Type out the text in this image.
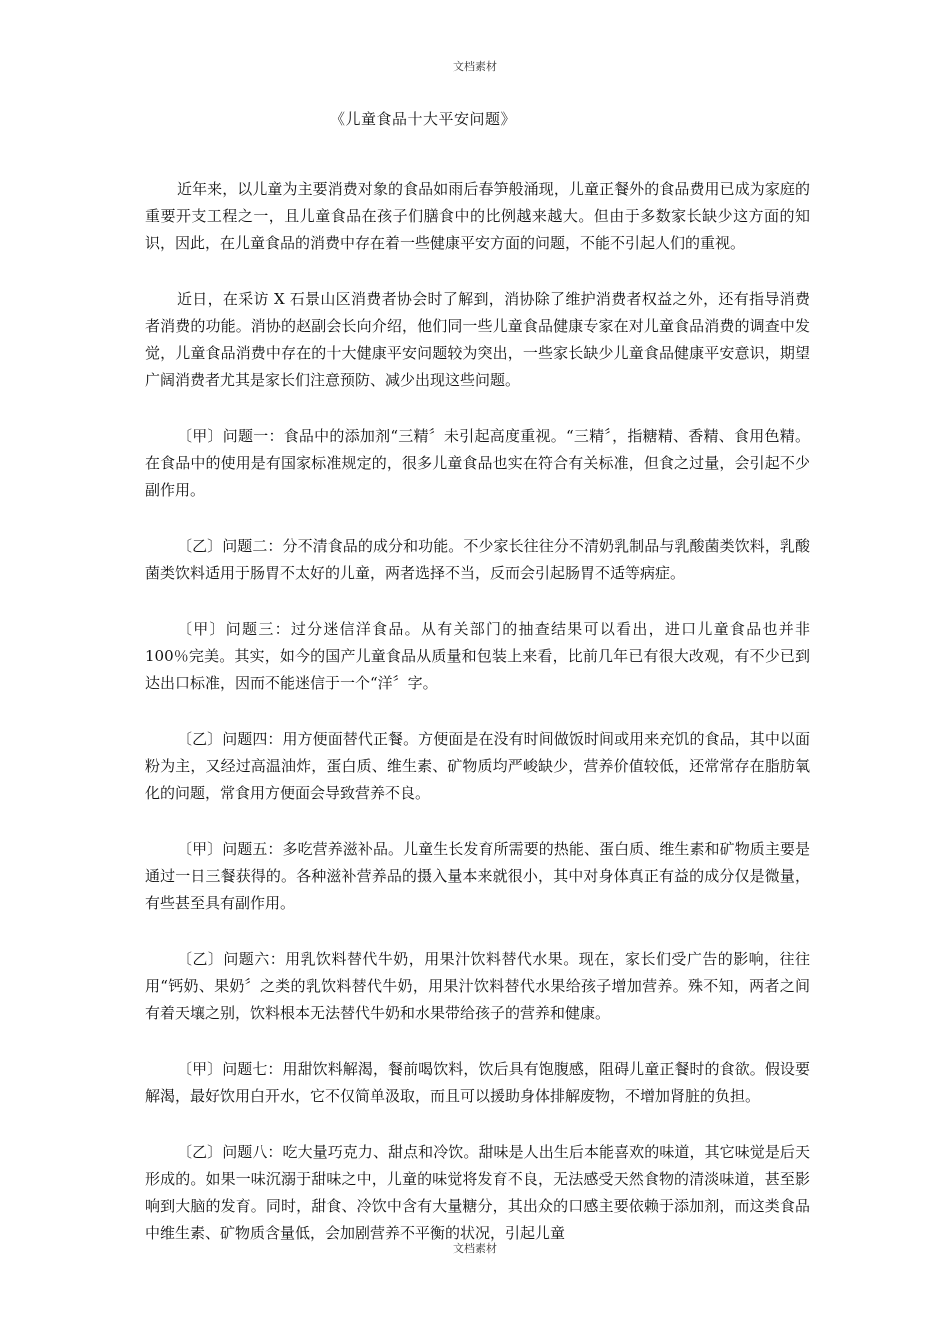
文档素材
《儿童食品十大平安问题》

近年来，以儿童为主要消费对象的食品如雨后春笋般涌现，儿童正餐外的食品费用已成为家庭的重要开支工程之一，且儿童食品在孩子们膳食中的比例越来越大。但由于多数家长缺少这方面的知识，因此，在儿童食品的消费中存在着一些健康平安方面的问题，不能不引起人们的重视。

近日，在采访 X 石景山区消费者协会时了解到，消协除了维护消费者权益之外，还有指导消费者消费的功能。消协的赵副会长向介绍，他们同一些儿童食品健康专家在对儿童食品消费的调查中发觉，儿童食品消费中存在的十大健康平安问题较为突出，一些家长缺少儿童食品健康平安意识，期望广阔消费者尤其是家长们注意预防、减少出现这些问题。

〔甲〕问题一：食品中的添加剂“三精〞未引起高度重视。“三精〞，指糖精、香精、食用色精。在食品中的使用是有国家标准规定的，很多儿童食品也实在符合有关标准，但食之过量，会引起不少副作用。

〔乙〕问题二：分不清食品的成分和功能。不少家长往往分不清奶乳制品与乳酸菌类饮料，乳酸菌类饮料适用于肠胃不太好的儿童，两者选择不当，反而会引起肠胃不适等病症。

〔甲〕问题三：过分迷信洋食品。从有关部门的抽查结果可以看出，进口儿童食品也并非 100％完美。其实，如今的国产儿童食品从质量和包装上来看，比前几年已有很大改观，有不少已到达出口标准，因而不能迷信于一个“洋〞字。

〔乙〕问题四：用方便面替代正餐。方便面是在没有时间做饭时间或用来充饥的食品，其中以面粉为主，又经过高温油炸，蛋白质、维生素、矿物质均严峻缺少，营养价值较低，还常常存在脂肪氧化的问题，常食用方便面会导致营养不良。

〔甲〕问题五：多吃营养滋补品。儿童生长发育所需要的热能、蛋白质、维生素和矿物质主要是通过一日三餐获得的。各种滋补营养品的摄入量本来就很小，其中对身体真正有益的成分仅是微量，有些甚至具有副作用。

〔乙〕问题六：用乳饮料替代牛奶，用果汁饮料替代水果。现在，家长们受广告的影响，往往用“钙奶、果奶〞之类的乳饮料替代牛奶，用果汁饮料替代水果给孩子增加营养。殊不知，两者之间有着天壤之别，饮料根本无法替代牛奶和水果带给孩子的营养和健康。

〔甲〕问题七：用甜饮料解渴，餐前喝饮料，饮后具有饱腹感，阻碍儿童正餐时的食欲。假设要解渴，最好饮用白开水，它不仅简单汲取，而且可以援助身体排解废物，不增加肾脏的负担。

〔乙〕问题八：吃大量巧克力、甜点和冷饮。甜味是人出生后本能喜欢的味道，其它味觉是后天形成的。如果一味沉溺于甜味之中，儿童的味觉将发育不良，无法感受天然食物的清淡味道，甚至影响到大脑的发育。同时，甜食、冷饮中含有大量糖分，其出众的口感主要依赖于添加剂，而这类食品中维生素、矿物质含量低，会加剧营养不平衡的状况，引起儿童

文档素材
